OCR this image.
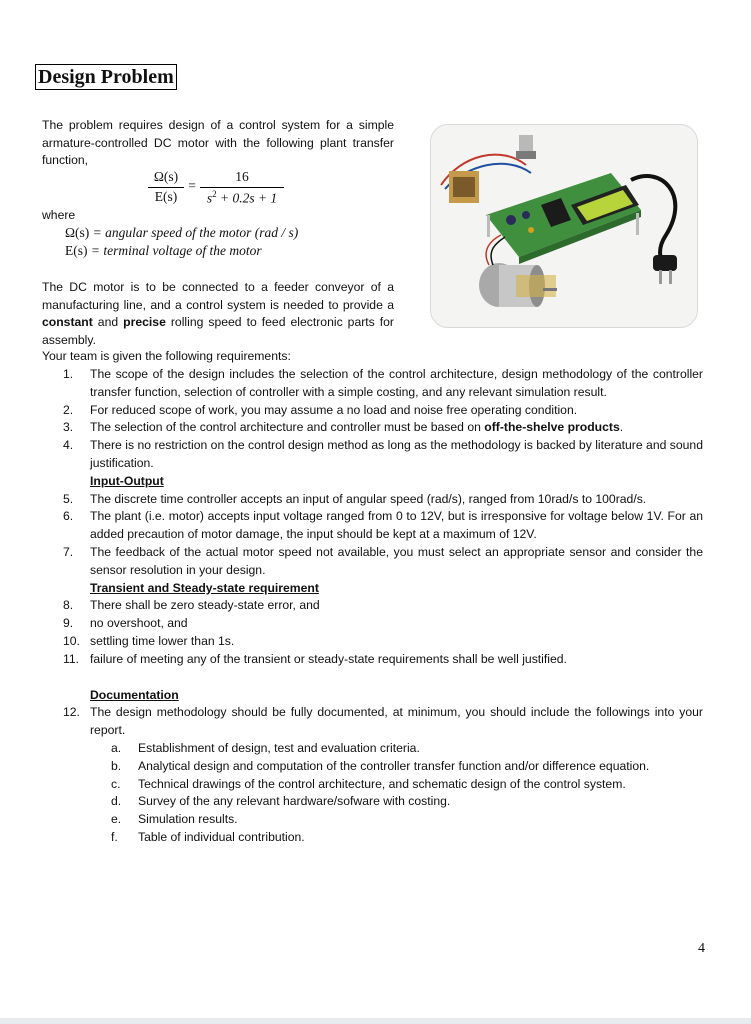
Design Problem
The problem requires design of a control system for a simple armature-controlled DC motor with the following plant transfer function,
Ω(s)
E(s)
=
16
$s^2 + 0.2s + 1$
where
Ω(s) = angular speed of the motor (rad / s)
E(s) = terminal voltage of the motor
The DC motor is to be connected to a feeder conveyor of a manufacturing line, and a control system is needed to provide a constant and precise rolling speed to feed electronic parts for assembly.
Your team is given the following requirements:
1. The scope of the design includes the selection of the control architecture, design methodology of the controller transfer function, selection of controller with a simple costing, and any relevant simulation result.
2. For reduced scope of work, you may assume a no load and noise free operating condition.
3. The selection of the control architecture and controller must be based on off-the-shelve products.
4. There is no restriction on the control design method as long as the methodology is backed by literature and sound justification.
Input-Output
5. The discrete time controller accepts an input of angular speed (rad/s), ranged from 10rad/s to 100rad/s.
6. The plant (i.e. motor) accepts input voltage ranged from 0 to 12V, but is irresponsive for voltage below 1V. For an added precaution of motor damage, the input should be kept at a maximum of 12V.
7. The feedback of the actual motor speed not available, you must select an appropriate sensor and consider the sensor resolution in your design.
Transient and Steady-state requirement
8. There shall be zero steady-state error, and
9. no overshoot, and
10. settling time lower than 1s.
11. failure of meeting any of the transient or steady-state requirements shall be well justified.
Documentation
12. The design methodology should be fully documented, at minimum, you should include the followings into your report.
a. Establishment of design, test and evaluation criteria.
b. Analytical design and computation of the controller transfer function and/or difference equation.
c. Technical drawings of the control architecture, and schematic design of the control system.
d. Survey of the any relevant hardware/sofware with costing.
e. Simulation results.
f. Table of individual contribution.
4
